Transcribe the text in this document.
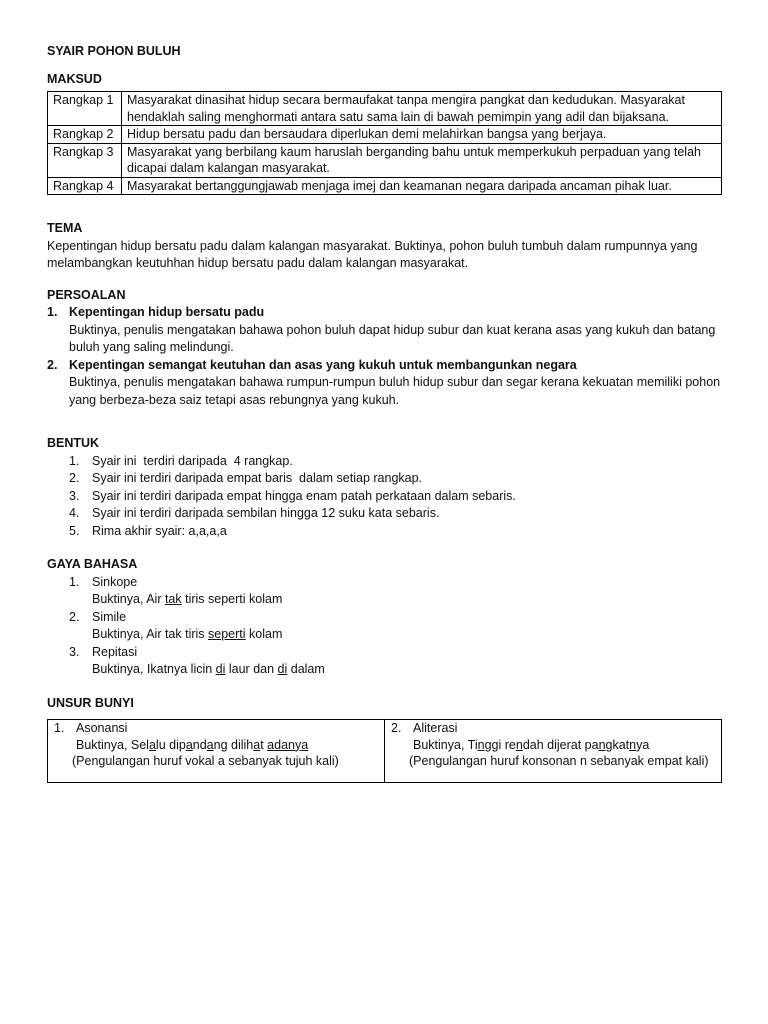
SYAIR POHON BULUH

MAKSUD

Rangkap 1	Masyarakat dinasihat hidup secara bermaufakat tanpa mengira pangkat dan kedudukan. Masyarakat hendaklah saling menghormati antara satu sama lain di bawah pemimpin yang adil dan bijaksana.
Rangkap 2	Hidup bersatu padu dan bersaudara diperlukan demi melahirkan bangsa yang berjaya.
Rangkap 3	Masyarakat yang berbilang kaum haruslah berganding bahu untuk memperkukuh perpaduan yang telah dicapai dalam kalangan masyarakat.
Rangkap 4	Masyarakat bertanggungjawab menjaga imej dan keamanan negara daripada ancaman pihak luar.

TEMA

Kepentingan hidup bersatu padu dalam kalangan masyarakat. Buktinya, pohon buluh tumbuh dalam rumpunnya yang melambangkan keutuhhan hidup bersatu padu dalam kalangan masyarakat.

PERSOALAN

1. Kepentingan hidup bersatu padu
Buktinya, penulis mengatakan bahawa pohon buluh dapat hidup subur dan kuat kerana asas yang kukuh dan batang buluh yang saling melindungi.
2. Kepentingan semangat keutuhan dan asas yang kukuh untuk membangunkan negara
Buktinya, penulis mengatakan bahawa rumpun-rumpun buluh hidup subur dan segar kerana kekuatan memiliki pohon yang berbeza-beza saiz tetapi asas rebungnya yang kukuh.

BENTUK

1. Syair ini  terdiri daripada  4 rangkap.
2. Syair ini terdiri daripada empat baris  dalam setiap rangkap.
3. Syair ini terdiri daripada empat hingga enam patah perkataan dalam sebaris.
4. Syair ini terdiri daripada sembilan hingga 12 suku kata sebaris.
5. Rima akhir syair: a,a,a,a

GAYA BAHASA

1. Sinkope
Buktinya, Air tak tiris seperti kolam
2. Simile
Buktinya, Air tak tiris seperti kolam
3. Repitasi
Buktinya, Ikatnya licin di laur dan di dalam

UNSUR BUNYI

1. Asonansi
Buktinya, Selalu dipandang dilihat adanya
(Pengulangan huruf vokal a sebanyak tujuh kali)

2. Aliterasi
Buktinya, Tinggi rendah dijerat pangkatnya
(Pengulangan huruf konsonan n sebanyak empat kali)
